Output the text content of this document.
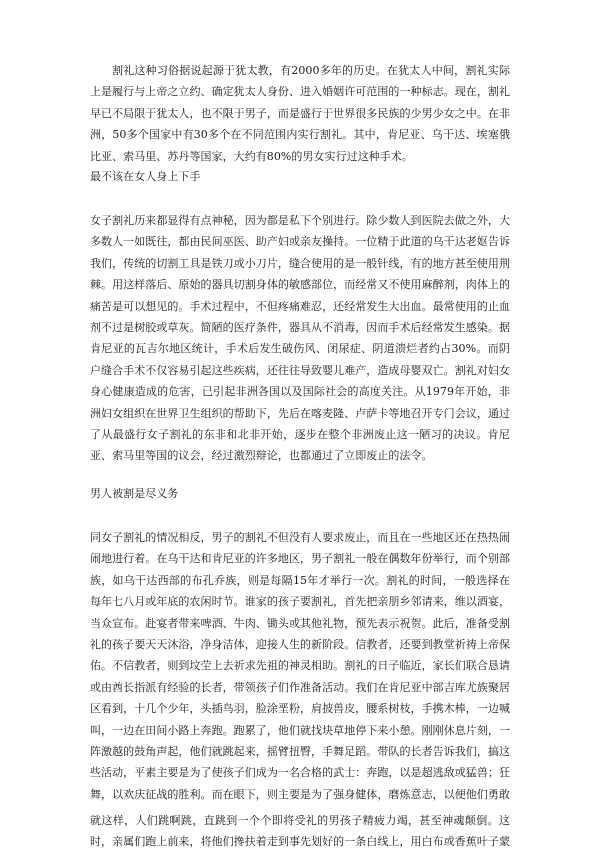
割礼这种习俗据说起源于犹太教，有2000多年的历史。在犹太人中间，割礼实际上是履行与上帝之立约、确定犹太人身份、进入婚姻许可范围的一种标志。现在，割礼早已不局限于犹太人，也不限于男子，而是盛行于世界很多民族的少男少女之中。在非洲，50多个国家中有30多个在不同范围内实行割礼。其中，肯尼亚、乌干达、埃塞俄比亚、索马里、苏丹等国家，大约有80%的男女实行过这种手术。

最不该在女人身上下手

女子割礼历来都显得有点神秘，因为都是私下个别进行。除少数人到医院去做之外，大多数人一如既往，都由民间巫医、助产妇或亲友操持。一位精于此道的乌干达老妪告诉我们，传统的切割工具是铁刀或小刀片，缝合使用的是一般针线，有的地方甚至使用荆棘。用这样落后、原始的器具切割身体的敏感部位，而经常又不使用麻醉剂，肉体上的痛苦是可以想见的。手术过程中，不但疼痛难忍，还经常发生大出血。最常使用的止血剂不过是树胶或草灰。简陋的医疗条件，器具从不消毒，因而手术后经常发生感染。据肯尼亚的瓦吉尔地区统计，手术后发生破伤风、闭尿症、阴道溃烂者约占30%。而阴户缝合手术不仅容易引起这些疾病，还往往导致婴儿难产，造成母婴双亡。割礼对妇女身心健康造成的危害，已引起非洲各国以及国际社会的高度关注。从1979年开始，非洲妇女组织在世界卫生组织的帮助下，先后在喀麦隆、卢萨卡等地召开专门会议，通过了从最盛行女子割礼的东非和北非开始，逐步在整个非洲废止这一陋习的决议。肯尼亚、索马里等国的议会，经过激烈辩论，也都通过了立即废止的法令。

男人被割是尽义务

同女子割礼的情况相反，男子的割礼不但没有人要求废止，而且在一些地区还在热热闹闹地进行着。在乌干达和肯尼亚的许多地区，男子割礼一般在偶数年份举行，而个别部族，如乌干达西部的布孔乔族，则是每隔15年才举行一次。割礼的时间，一般选择在每年七八月或年底的农闲时节。谁家的孩子要割礼，首先把亲朋乡邻请来，维以酒宴，当众宣布。赴宴者带来啤酒、牛肉、锄头或其他礼物，预先表示祝贺。此后，准备受割礼的孩子要天天沐浴，净身洁体，迎接人生的新阶段。信教者，还要到教堂祈祷上帝保佑。不信教者，则到坟茔上去祈求先祖的神灵相助。割礼的日子临近，家长们联合恳请或由酋长指派有经验的长者，带领孩子们作准备活动。我们在肯尼亚中部吉库尤族聚居区看到，十几个少年，头插鸟羽，脸涂垩粉，肩披兽皮，腰系树枝，手携木棒，一边喊叫，一边在田间小路上奔跑。跑累了，他们就找块草地停下来小憩。刚刚休息片刻，一阵激越的鼓角声起，他们就跳起来，摇臂扭臀，手舞足蹈。带队的长者告诉我们，搞这些活动，平素主要是为了使孩子们成为一名合格的武士：奔跑，以是超逃敌或猛兽；狂舞，以欢庆征战的胜利。而在眼下，则主要是为了强身健体，磨炼意志，以便他们勇敢

就这样，人们跳啊跳，直跳到一个个即将受礼的男孩子精疲力竭，甚至神魂颠倒。这时，亲属们跑上前来，将他们搀扶着走到事先划好的一条白线上，用白布或香蕉叶子蒙
